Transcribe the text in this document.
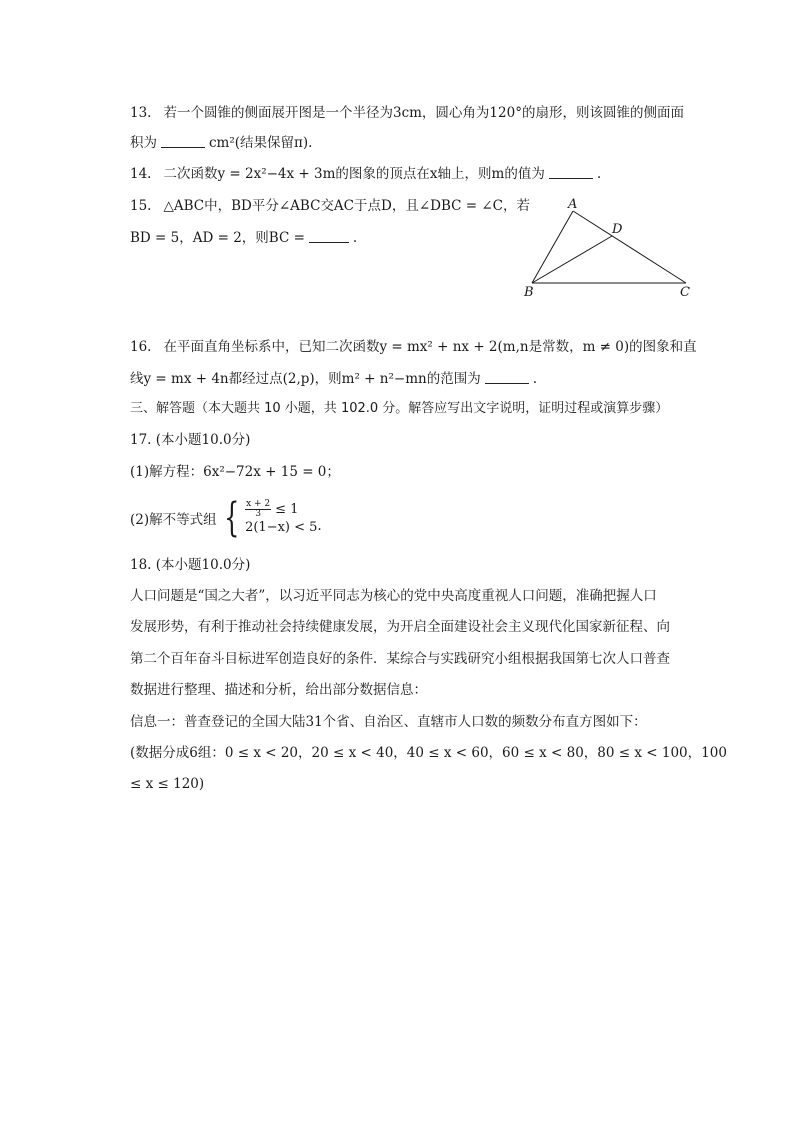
13. 若一个圆锥的侧面展开图是一个半径为3cm，圆心角为120°的扇形，则该圆锥的侧面面
积为	cm²(结果保留π).
14. 二次函数y = 2x²−4x + 3m的图象的顶点在x轴上，则m的值为	.
15. △ABC中，BD平分∠ABC交AC于点D，且∠DBC = ∠C，若
BD = 5，AD = 2，则BC =	.
A
B	C
D
16. 在平面直角坐标系中，已知二次函数y = mx² + nx + 2(m,n是常数，m ≠ 0)的图象和直
线y = mx + 4n都经过点(2,p)，则m² + n²−mn的范围为	.
三、解答题（本大题共 10 小题，共 102.0 分。解答应写出文字说明，证明过程或演算步骤）
17. (本小题10.0分)
(1)解方程：6x²−72x + 15 = 0；
(2)解不等式组 { $\frac{x + 2}{3} \le 1$
2(1−x) < 5 .
18. (本小题10.0分)
人口问题是“国之大者”，以习近平同志为核心的党中央高度重视人口问题，准确把握人口
发展形势，有利于推动社会持续健康发展，为开启全面建设社会主义现代化国家新征程、向
第二个百年奋斗目标进军创造良好的条件．某综合与实践研究小组根据我国第七次人口普查
数据进行整理、描述和分析，给出部分数据信息：
信息一：普查登记的全国大陆31个省、自治区、直辖市人口数的频数分布直方图如下：
(数据分成6组：0 ≤ x < 20，20 ≤ x < 40，40 ≤ x < 60，60 ≤ x < 80，80 ≤ x < 100，100
≤ x ≤ 120)
